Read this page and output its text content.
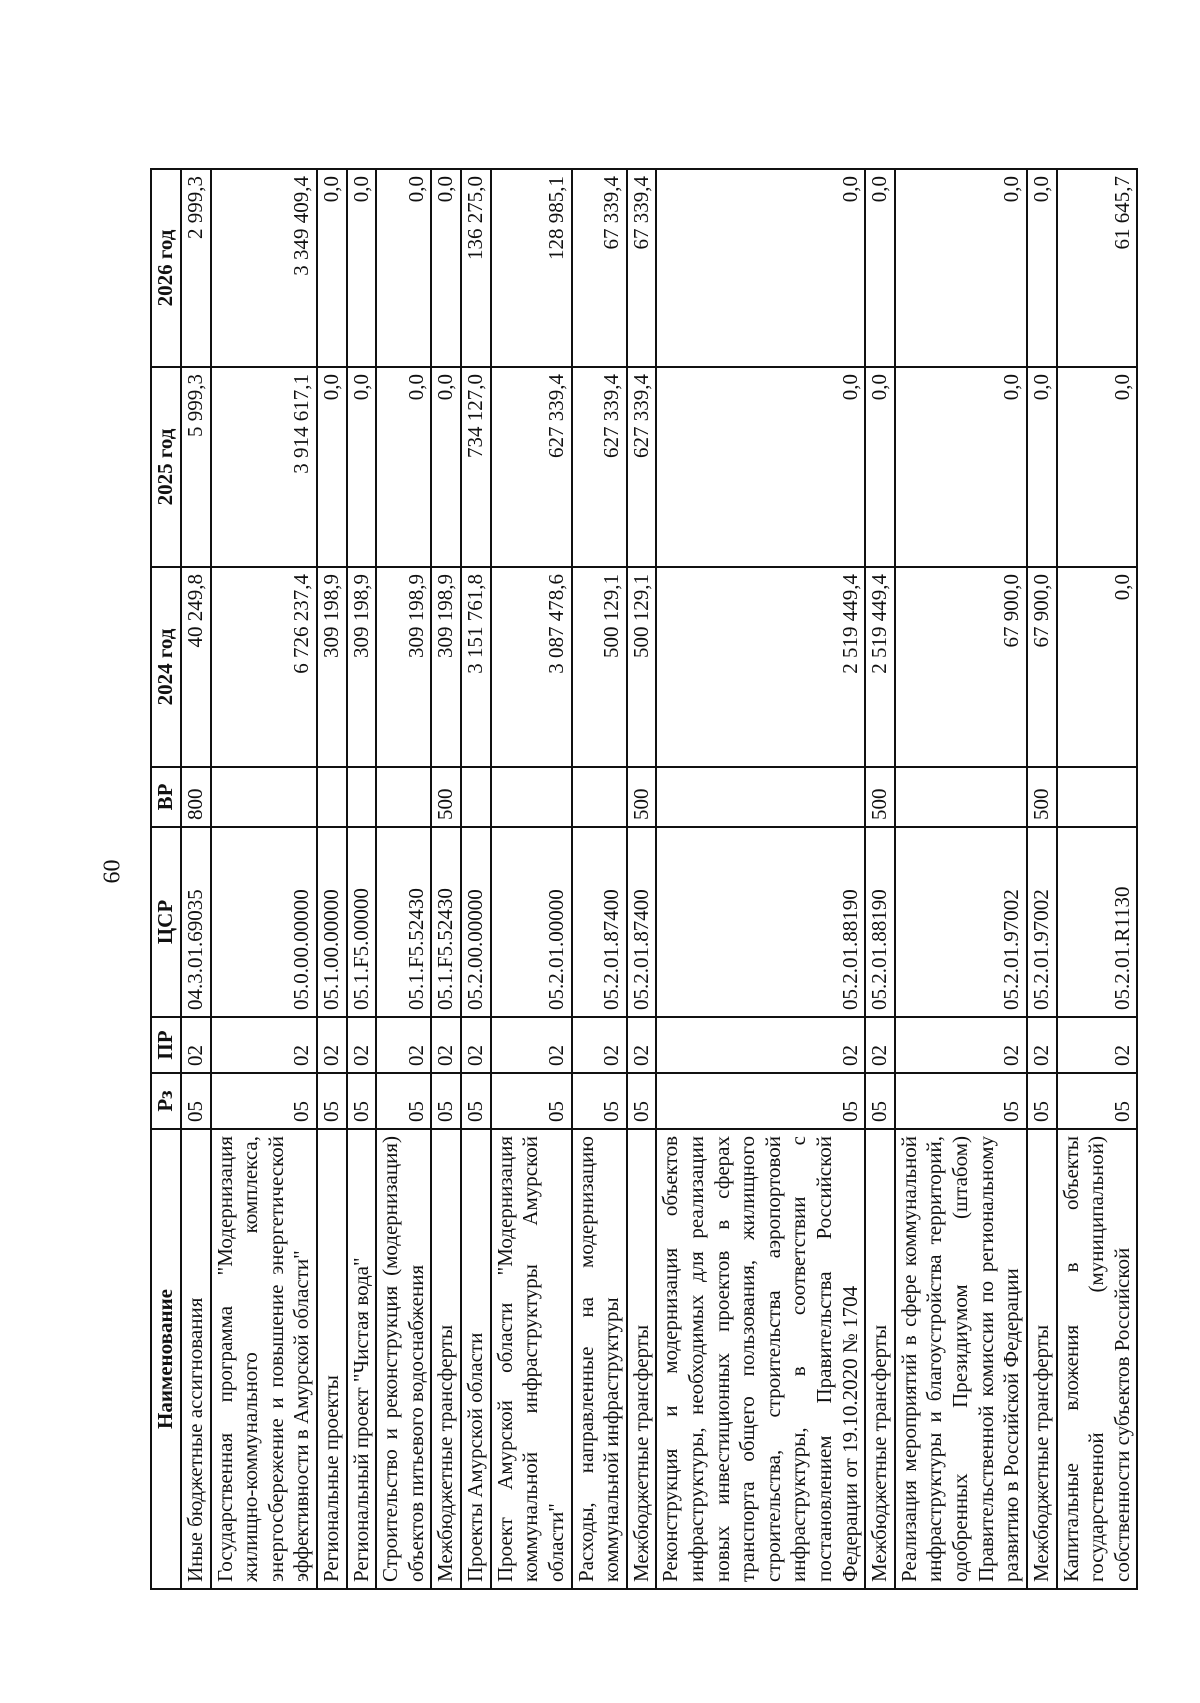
60
Наименование	Рз	ПР	ЦСР	ВР	2024 год	2025 год	2026 год
Иные бюджетные ассигнования	05	02	04.3.01.69035	800	40 249,8	5 999,3	2 999,3
Государственная программа "Модернизация жилищно-коммунального комплекса, энергосбережение и повышение энергетической эффективности в Амурской области"	05	02	05.0.00.00000		6 726 237,4	3 914 617,1	3 349 409,4
Региональные проекты	05	02	05.1.00.00000		309 198,9	0,0	0,0
Региональный проект "Чистая вода"	05	02	05.1.F5.00000		309 198,9	0,0	0,0
Строительство и реконструкция (модернизация) объектов питьевого водоснабжения	05	02	05.1.F5.52430		309 198,9	0,0	0,0
Межбюджетные трансферты	05	02	05.1.F5.52430	500	309 198,9	0,0	0,0
Проекты Амурской области	05	02	05.2.00.00000		3 151 761,8	734 127,0	136 275,0
Проект Амурской области "Модернизация коммунальной инфраструктуры Амурской области"	05	02	05.2.01.00000		3 087 478,6	627 339,4	128 985,1
Расходы, направленные на модернизацию коммунальной инфраструктуры	05	02	05.2.01.87400		500 129,1	627 339,4	67 339,4
Межбюджетные трансферты	05	02	05.2.01.87400	500	500 129,1	627 339,4	67 339,4
Реконструкция и модернизация объектов инфраструктуры, необходимых для реализации новых инвестиционных проектов в сферах транспорта общего пользования, жилищного строительства, строительства аэропортовой инфраструктуры, в соответствии с постановлением Правительства Российской Федерации от 19.10.2020 № 1704	05	02	05.2.01.88190		2 519 449,4	0,0	0,0
Межбюджетные трансферты	05	02	05.2.01.88190	500	2 519 449,4	0,0	0,0
Реализация мероприятий в сфере коммунальной инфраструктуры и благоустройства территорий, одобренных Президиумом (штабом) Правительственной комиссии по региональному развитию в Российской Федерации	05	02	05.2.01.97002		67 900,0	0,0	0,0
Межбюджетные трансферты	05	02	05.2.01.97002	500	67 900,0	0,0	0,0
Капитальные вложения в объекты государственной (муниципальной) собственности субъектов Российской	05	02	05.2.01.R1130		0,0	0,0	61 645,7
